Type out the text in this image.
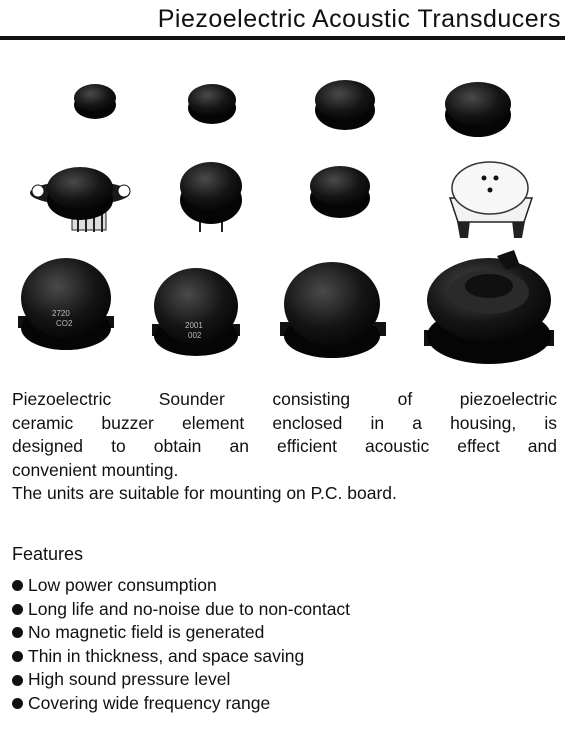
Piezoelectric Acoustic Transducers
2720
CO2	2001
002

Piezoelectric Sounder consisting of piezoelectric

ceramic buzzer element enclosed in a housing, is

designed to obtain an efficient acoustic effect and

convenient mounting.

The units are suitable for mounting on P.C. board.

Features
Low power consumption
Long life and no-noise due to non-contact
No magnetic field is generated
Thin in thickness, and space saving
High sound pressure level
Covering wide frequency range
